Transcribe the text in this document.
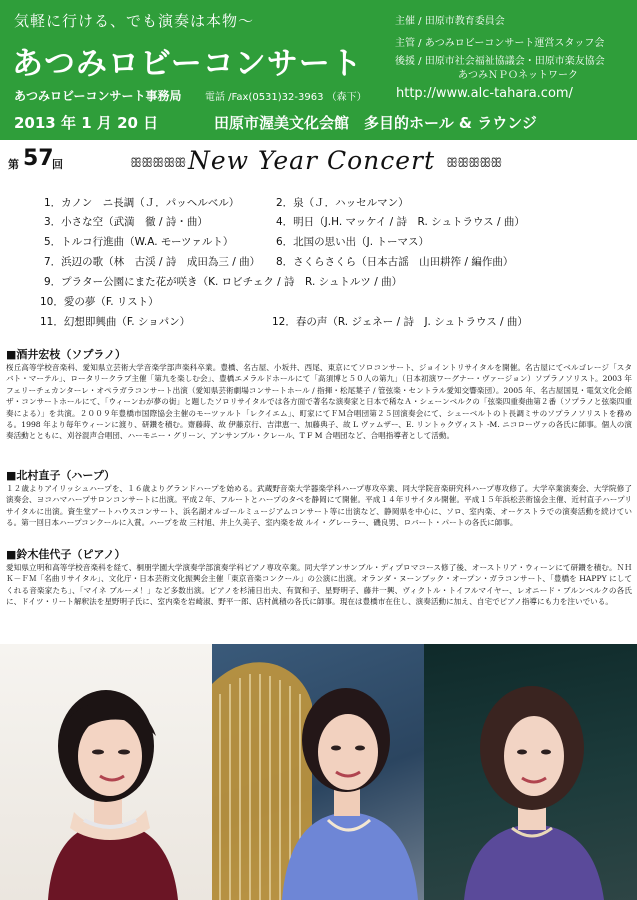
気軽に行ける、でも演奏は本物～
あつみロビーコンサート
あつみロビーコンサート事務局 電話 /Fax(0531)32-3963 （森下） http://www.alc-tahara.com/
2013 年 1 月 20 日	田原市渥美文化会館　多目的ホール & ラウンジ
主催 / 田原市教育委員会
主管 / あつみロビーコンサート運営スタッフ会
後援 / 田原市社会福祉協議会・田原市楽友協会
あつみＮＰＯネットワーク
第 57
回	ꕥꕥꕥꕥꕥ New Year Concert ꕥꕥꕥꕥꕥ
1．カノン　ニ長調（Ｊ．パッヘルベル）	2．泉（Ｊ．ハッセルマン）
3．小さな空（武満　徹 / 詩・曲）	4．明日（J.H. マッケイ / 詩　R. シュトラウス / 曲）
5．トルコ行進曲（W.A. モーツァルト）	6．北国の思い出（J. トーマス）
7．浜辺の歌（林　古渓 / 詩　成田為三 / 曲） 8．さくらさくら（日本古謡　山田耕筰 / 編作曲）
9．プラター公園にまた花が咲き（K. ロビチェク / 詩　R. シュトルツ / 曲）
10．愛の夢（F. リスト）
11．幻想即興曲（F. ショパン）	12．春の声（R. ジェネー / 詩　J. シュトラウス / 曲）
■酒井宏枝（ソプラノ）
桜丘高等学校音楽科、愛知県立芸術大学音楽学部声楽科卒業。豊橋、名古屋、小坂井、西尾、東京にてソロコンサート、ジョイントリサイタルを開催。名古屋にてベルゴレージ「スタバト・マーテル」、ロータリークラブ主催「第九を楽しむ会」、豊橋エメラルドホールにて「高須博と５０人の第九」（日本初演ワーグナー・ヴァージョン）ソプラノソリスト。2003 年フェリーチェカンターレ・オペラガラコンサート出演（愛知県芸術劇場コンサートホール / 指揮・松尾葉子 / 管弦楽・セントラル愛知交響楽団）。2005 年、名古屋国見・電気文化会館ザ・コンサートホールにて、「ウィーンわが夢の街」と題したソロリサイタルでは各方面で著名な演奏家と日本で稀なＡ・シェーンベルクの「弦楽四重奏曲第２番（ソプラノと弦楽四重奏による）」を共演。２００９年豊橋市国際協会主催のモーツァルト「レクイエム」、町家にてＦＭ合唱団第２５回演奏会にて、シューベルトのト長調ミサのソプラノソリストを務める。1998 年より毎年ウィーンに渡り、研鑽を積む。齋藤蒔、故 伊藤京行、吉津恵一、加藤典子、故 L ヴァムザー、E. リントゥクヴィスト -M. ニコローヴァの各氏に師事。個人の演奏活動とともに、刈谷混声合唱団、ハーモニー・グリーン、アンサンブル・クレール、T F M 合唱団など、合唱指導者として活動。
■北村直子（ハープ）
１２歳よりアイリッシュハープを、１６歳よりグランドハープを始める。武蔵野音楽大学器楽学科ハープ専攻卒業、同大学院音楽研究科ハープ専攻修了。大学卒業演奏会、大学院修了演奏会、ヨコハマハープサロンコンサートに出演。平成２年、フルートとハープのタベを静岡にて開催。平成１４年リサイタル開催。平成１５年浜松芸術協会主催、近村直子ハープリサイタルに出演。資生堂アートハウスコンサート、浜名湖オルゴールミュージアムコンサート等に出演など、静岡県を中心に、ソロ、室内楽、オーケストラでの演奏活動を続けている。第一回日本ハープコンクールに入賞。ハープを故 三村旭、井上久美子、室内楽を故 ルイ・グレーラー、磯良男、ロバート・パートの各氏に師事。
■鈴木佳代子（ピアノ）
愛知県立明和高等学校音楽科を経て、桐朋学園大学演奏学部演奏学科ピアノ専攻卒業。同大学アンサンブル・ディプロマコース修了後、オーストリア・ウィーンにて研鑽を積む。ＮＨＫ－ＦＭ「名曲リサイタル」、文化庁・日本芸術文化振興会主催「東京音楽コンクール」の公演に出演。オランダ・ヌーンブック・オープン・ガラコンサート、「豊橋を HAPPY にしてくれる音楽家たち」、「マイネ ブルーメ！」など多数出演。ピアノを杉浦日出夫、有賀和子、星野明子、藤井一興、ヴィクトル・トイフルマイヤー、レオニード・ブルンベルクの各氏に、ドイツ・リート解釈法を星野明子氏に、室内楽を岩崎淑、野平一郎、店村眞積の各氏に師事。現在は豊橋市在住し、演奏活動に加え、自宅でピアノ指導にも力を注いでいる。
